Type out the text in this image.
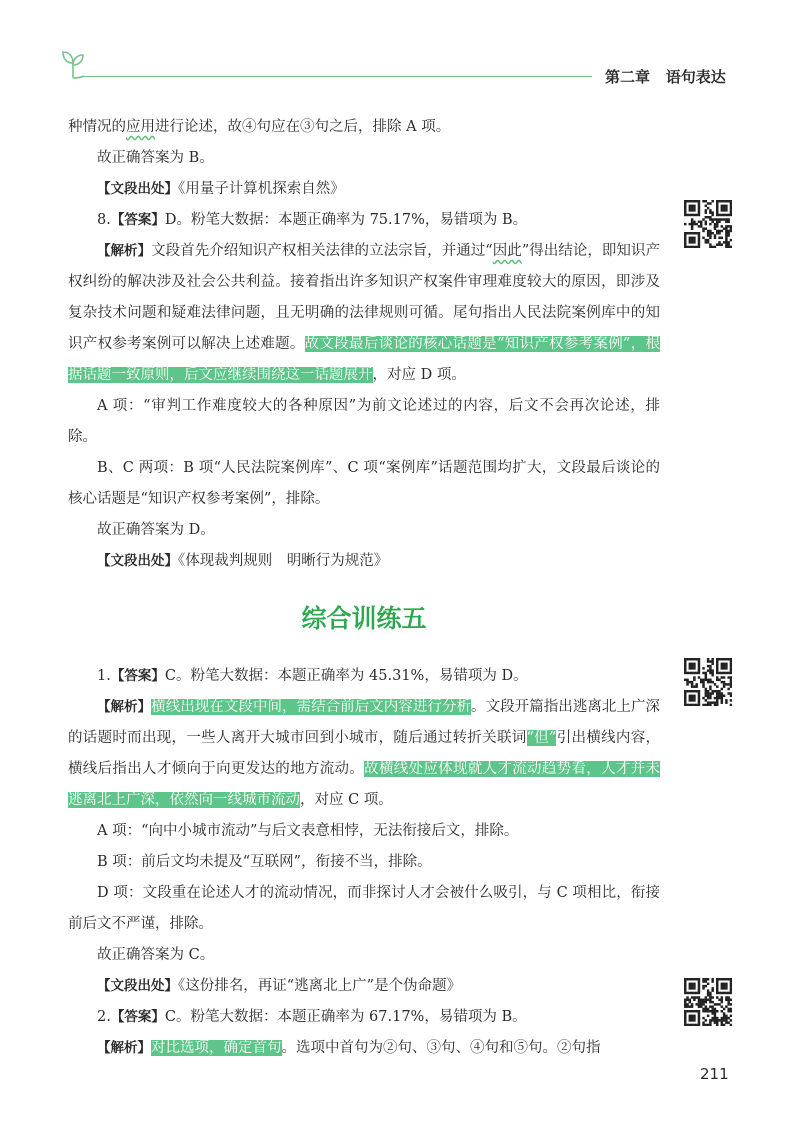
第二章 语句表达

种情况的应用进行论述，故④句应在③句之后，排除 A 项。

故正确答案为 B。

【文段出处】《用量子计算机探索自然》

8.【答案】D。粉笔大数据：本题正确率为 75.17%，易错项为 B。

【解析】文段首先介绍知识产权相关法律的立法宗旨，并通过“因此”得出结论，即知识产权纠纷的解决涉及社会公共利益。接着指出许多知识产权案件审理难度较大的原因，即涉及复杂技术问题和疑难法律问题，且无明确的法律规则可循。尾句指出人民法院案例库中的知识产权参考案例可以解决上述难题。故文段最后谈论的核心话题是“知识产权参考案例”，根据话题一致原则，后文应继续围绕这一话题展开，对应 D 项。

A 项：“审判工作难度较大的各种原因”为前文论述过的内容，后文不会再次论述，排除。

B、C 两项：B 项“人民法院案例库”、C 项“案例库”话题范围均扩大，文段最后谈论的核心话题是“知识产权参考案例”，排除。

故正确答案为 D。

【文段出处】《体现裁判规则　明晰行为规范》

综合训练五

1.【答案】C。粉笔大数据：本题正确率为 45.31%，易错项为 D。

【解析】横线出现在文段中间，需结合前后文内容进行分析。文段开篇指出逃离北上广深的话题时而出现，一些人离开大城市回到小城市，随后通过转折关联词“但”引出横线内容，横线后指出人才倾向于向更发达的地方流动。故横线处应体现就人才流动趋势看，人才并未逃离北上广深，依然向一线城市流动，对应 C 项。

A 项：“向中小城市流动”与后文表意相悖，无法衔接后文，排除。

B 项：前后文均未提及“互联网”，衔接不当，排除。

D 项：文段重在论述人才的流动情况，而非探讨人才会被什么吸引，与 C 项相比，衔接前后文不严谨，排除。

故正确答案为 C。

【文段出处】《这份排名，再证“逃离北上广”是个伪命题》

2.【答案】C。粉笔大数据：本题正确率为 67.17%，易错项为 B。

【解析】对比选项，确定首句。选项中首句为②句、③句、④句和⑤句。②句指

211
